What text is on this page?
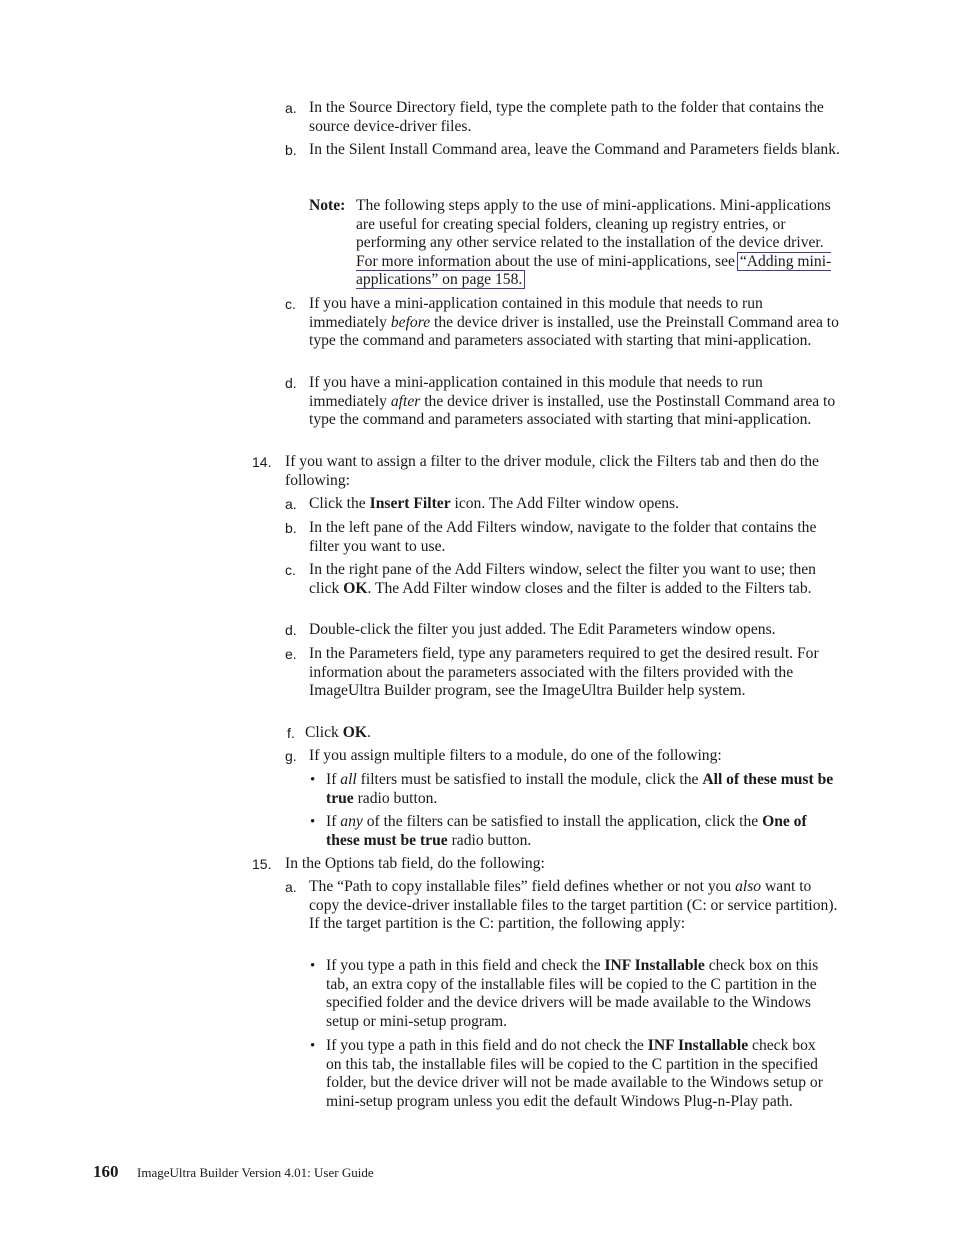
a. In the Source Directory field, type the complete path to the folder that contains the source device-driver files.

b. In the Silent Install Command area, leave the Command and Parameters fields blank.

Note: The following steps apply to the use of mini-applications. Mini-applications are useful for creating special folders, cleaning up registry entries, or performing any other service related to the installation of the device driver. For more information about the use of mini-applications, see “Adding mini-applications” on page 158.

c. If you have a mini-application contained in this module that needs to run immediately before the device driver is installed, use the Preinstall Command area to type the command and parameters associated with starting that mini-application.

d. If you have a mini-application contained in this module that needs to run immediately after the device driver is installed, use the Postinstall Command area to type the command and parameters associated with starting that mini-application.

14. If you want to assign a filter to the driver module, click the Filters tab and then do the following:

a. Click the Insert Filter icon. The Add Filter window opens.

b. In the left pane of the Add Filters window, navigate to the folder that contains the filter you want to use.

c. In the right pane of the Add Filters window, select the filter you want to use; then click OK. The Add Filter window closes and the filter is added to the Filters tab.

d. Double-click the filter you just added. The Edit Parameters window opens.

e. In the Parameters field, type any parameters required to get the desired result. For information about the parameters associated with the filters provided with the ImageUltra Builder program, see the ImageUltra Builder help system.

f. Click OK.

g. If you assign multiple filters to a module, do one of the following:

• If all filters must be satisfied to install the module, click the All of these must be true radio button.

• If any of the filters can be satisfied to install the application, click the One of these must be true radio button.

15. In the Options tab field, do the following:

a. The “Path to copy installable files” field defines whether or not you also want to copy the device-driver installable files to the target partition (C: or service partition). If the target partition is the C: partition, the following apply:

• If you type a path in this field and check the INF Installable check box on this tab, an extra copy of the installable files will be copied to the C partition in the specified folder and the device drivers will be made available to the Windows setup or mini-setup program.

• If you type a path in this field and do not check the INF Installable check box on this tab, the installable files will be copied to the C partition in the specified folder, but the device driver will not be made available to the Windows setup or mini-setup program unless you edit the default Windows Plug-n-Play path.

160 ImageUltra Builder Version 4.01: User Guide
